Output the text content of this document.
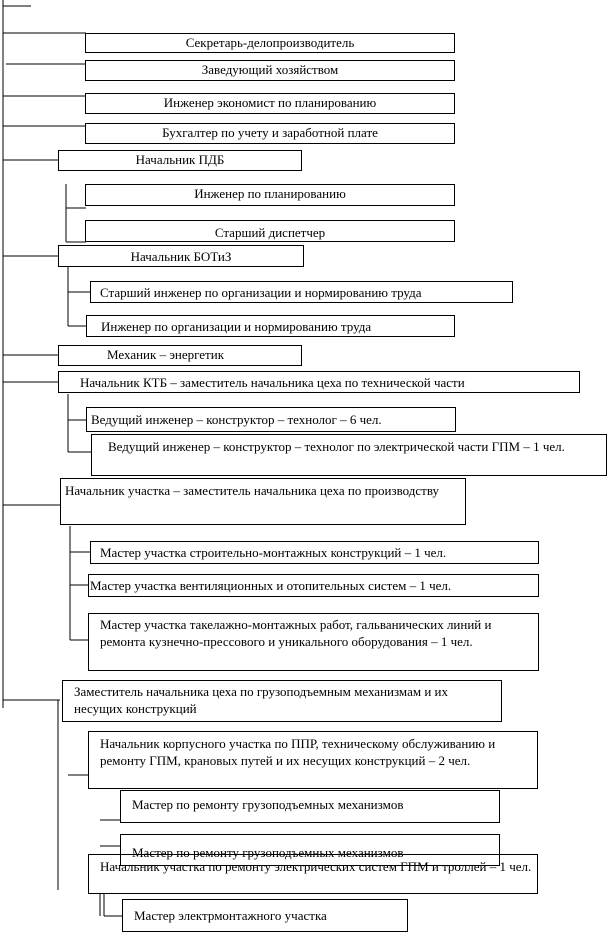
Секретарь-делопроизводитель
Заведующий хозяйством
Инженер экономист по планированию
Бухгалтер по учету и заработной плате
Начальник ПДБ
Инженер по планированию
Старший диспетчер
Начальник БОТиЗ
Старший инженер по организации и нормированию труда
Инженер по организации и нормированию труда
Механик – энергетик
Начальник КТБ – заместитель начальника цеха по технической части
Ведущий инженер – конструктор – технолог – 6 чел.
Ведущий инженер – конструктор – технолог по электрической части ГПМ – 1 чел.
Начальник участка – заместитель начальника цеха по производству
Мастер участка строительно-монтажных конструкций – 1 чел.
Мастер участка вентиляционных и отопительных систем – 1 чел.
Мастер участка такелажно-монтажных работ, гальванических линий и ремонта кузнечно-прессового и уникального оборудования – 1 чел.
Заместитель начальника цеха по грузоподъемным механизмам и их несущих конструкций
Начальник корпусного участка по ППР, техническому обслуживанию и ремонту ГПМ, крановых путей и их несущих конструкций – 2 чел.
Начальник участка по ремонту электрических систем ГПМ и троллей – 1 чел.
Мастер по ремонту грузоподъемных механизмов
Мастер по ремонту грузоподъемных механизмов
Мастер электрмонтажного участка
